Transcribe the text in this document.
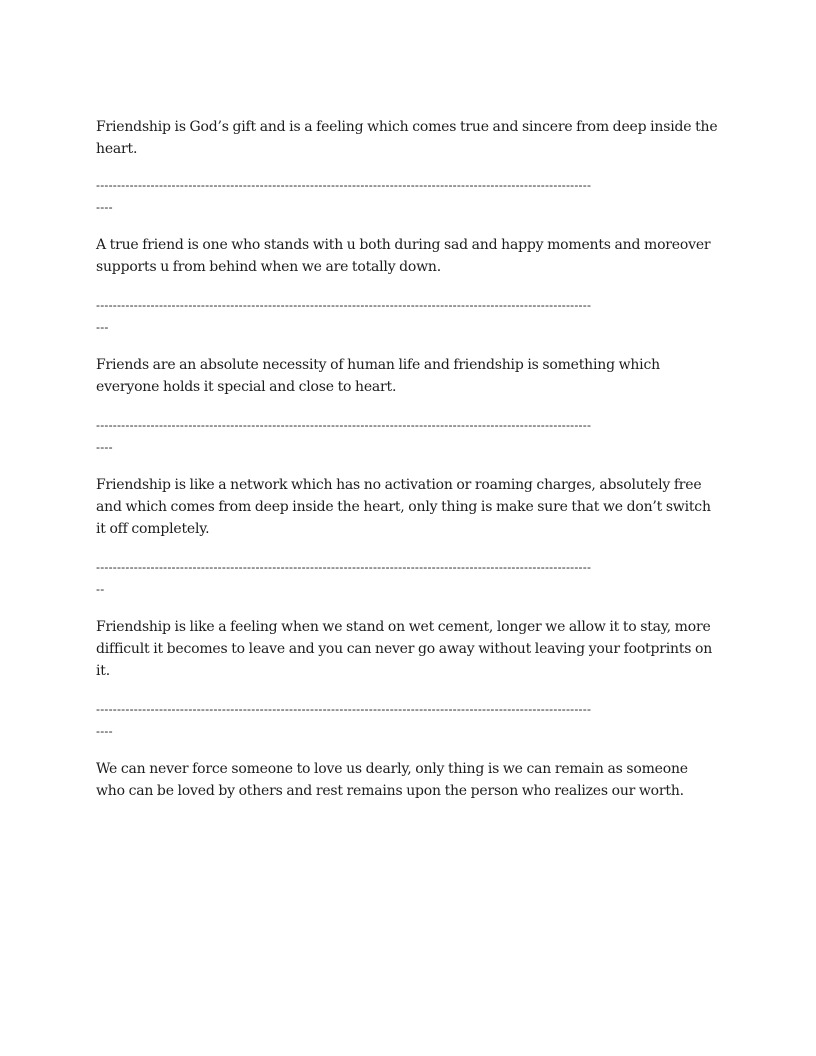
Friendship is God’s gift and is a feeling which comes true and sincere from deep inside the heart.

----------------------------------------------------------------------------------------------------------------------
----

A true friend is one who stands with u both during sad and happy moments and moreover supports u from behind when we are totally down.

----------------------------------------------------------------------------------------------------------------------
---

Friends are an absolute necessity of human life and friendship is something which everyone holds it special and close to heart.

----------------------------------------------------------------------------------------------------------------------
----

Friendship is like a network which has no activation or roaming charges, absolutely free and which comes from deep inside the heart, only thing is make sure that we don’t switch it off completely.

----------------------------------------------------------------------------------------------------------------------
--

Friendship is like a feeling when we stand on wet cement, longer we allow it to stay, more difficult it becomes to leave and you can never go away without leaving your footprints on it.

----------------------------------------------------------------------------------------------------------------------
----

We can never force someone to love us dearly, only thing is we can remain as someone who can be loved by others and rest remains upon the person who realizes our worth.
